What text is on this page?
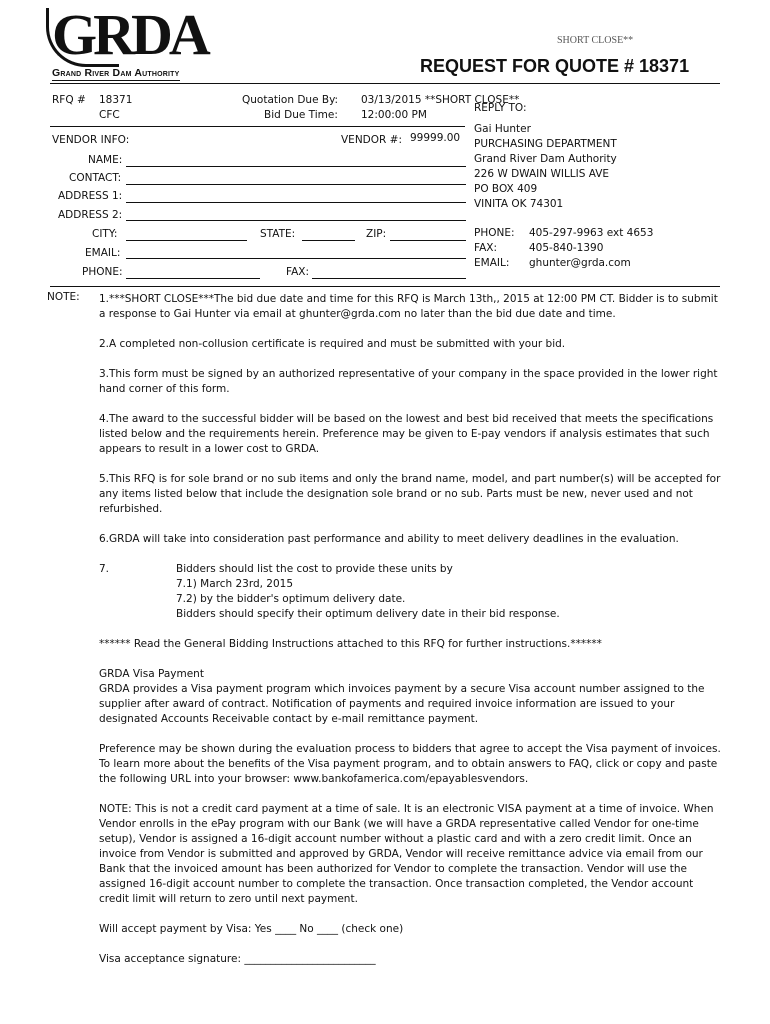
GRDA
Grand River Dam Authority
SHORT CLOSE**
REQUEST FOR QUOTE # 18371
RFQ # 18371
CFC
Quotation Due By: 03/13/2015 **SHORT CLOSE**
Bid Due Time: 12:00:00 PM
REPLY TO:
VENDOR INFO:	VENDOR #: 99999.00
NAME:
CONTACT:
ADDRESS 1:
ADDRESS 2:
CITY:	STATE:	ZIP:
EMAIL:
PHONE:	FAX:
Gai Hunter
PURCHASING DEPARTMENT
Grand River Dam Authority
226 W DWAIN WILLIS AVE
PO BOX 409
VINITA OK 74301
PHONE: 405-297-9963 ext 4653
FAX:	405-840-1390
EMAIL: ghunter@grda.com
NOTE: 1.***SHORT CLOSE***The bid due date and time for this RFQ is March 13th,, 2015 at 12:00 PM CT. Bidder is to submit a response to Gai Hunter via email at ghunter@grda.com no later than the bid due date and time.

2.A completed non-collusion certificate is required and must be submitted with your bid.

3.This form must be signed by an authorized representative of your company in the space provided in the lower right hand corner of this form.

4.The award to the successful bidder will be based on the lowest and best bid received that meets the specifications listed below and the requirements herein. Preference may be given to E-pay vendors if analysis estimates that such appears to result in a lower cost to GRDA.

5.This RFQ is for sole brand or no sub items and only the brand name, model, and part number(s) will be accepted for any items listed below that include the designation sole brand or no sub. Parts must be new, never used and not refurbished.

6.GRDA will take into consideration past performance and ability to meet delivery deadlines in the evaluation.

7.	Bidders should list the cost to provide these units by
7.1) March 23rd, 2015
7.2) by the bidder's optimum delivery date.
Bidders should specify their optimum delivery date in their bid response.

****** Read the General Bidding Instructions attached to this RFQ for further instructions.******

GRDA Visa Payment

GRDA provides a Visa payment program which invoices payment by a secure Visa account number assigned to the supplier after award of contract. Notification of payments and required invoice information are issued to your designated Accounts Receivable contact by e-mail remittance payment.

Preference may be shown during the evaluation process to bidders that agree to accept the Visa payment of invoices. To learn more about the benefits of the Visa payment program, and to obtain answers to FAQ, click or copy and paste the following URL into your browser: www.bankofamerica.com/epayablesvendors.

NOTE: This is not a credit card payment at a time of sale. It is an electronic VISA payment at a time of invoice. When Vendor enrolls in the ePay program with our Bank (we will have a GRDA representative called Vendor for one-time setup), Vendor is assigned a 16-digit account number without a plastic card and with a zero credit limit. Once an invoice from Vendor is submitted and approved by GRDA, Vendor will receive remittance advice via email from our Bank that the invoiced amount has been authorized for Vendor to complete the transaction. Vendor will use the assigned 16-digit account number to complete the transaction. Once transaction completed, the Vendor account credit limit will return to zero until next payment.

Will accept payment by Visa: Yes ____ No ____ (check one)

Visa acceptance signature: _________________________
